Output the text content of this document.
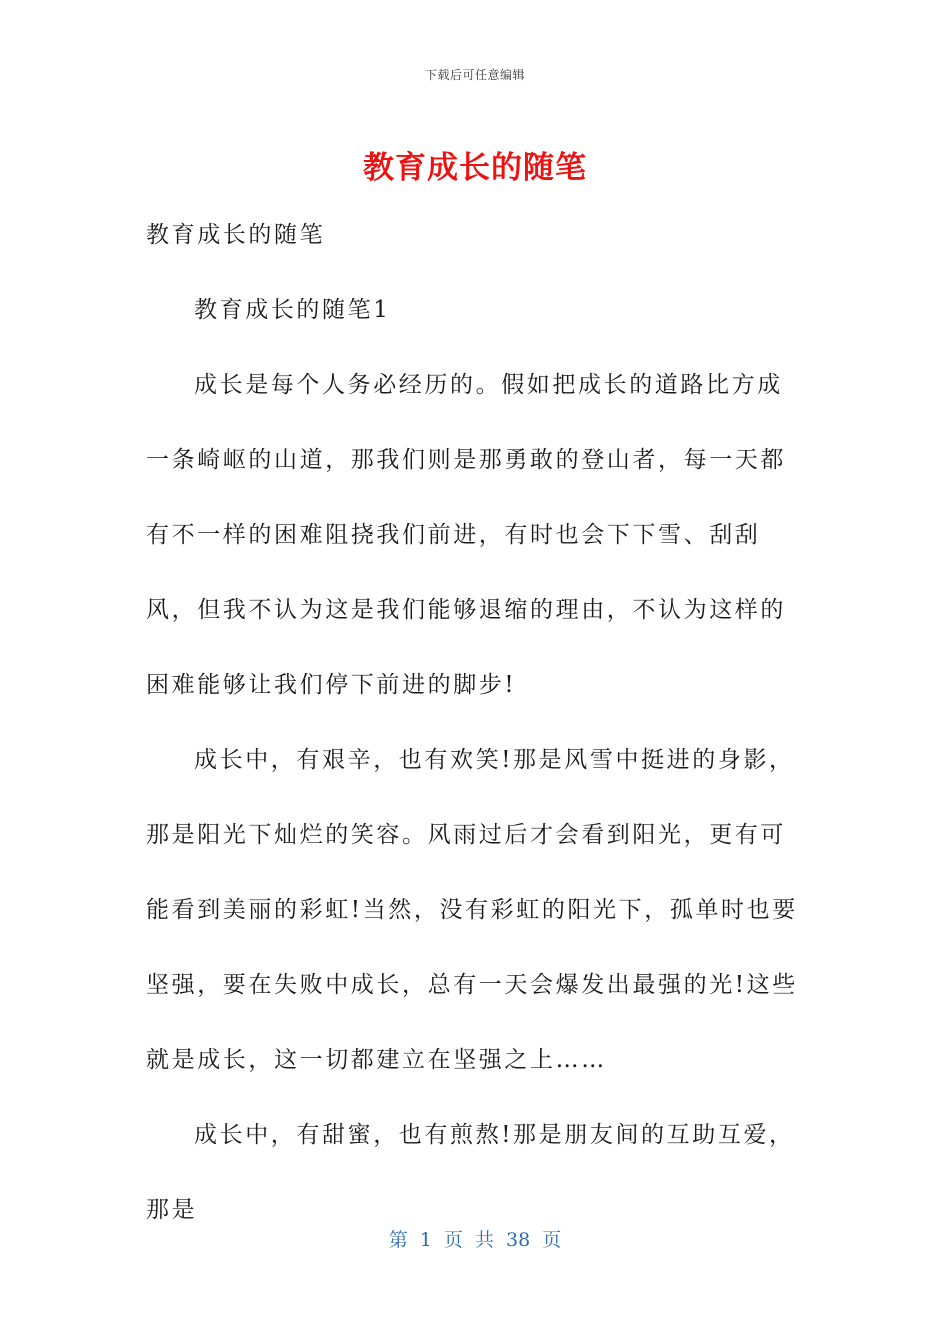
下载后可任意编辑
教育成长的随笔

教育成长的随笔

教育成长的随笔1

成长是每个人务必经历的。假如把成长的道路比方成一条崎岖的山道，那我们则是那勇敢的登山者，每一天都有不一样的困难阻挠我们前进，有时也会下下雪、刮刮风，但我不认为这是我们能够退缩的理由，不认为这样的困难能够让我们停下前进的脚步!

成长中，有艰辛，也有欢笑!那是风雪中挺进的身影，那是阳光下灿烂的笑容。风雨过后才会看到阳光，更有可能看到美丽的彩虹!当然，没有彩虹的阳光下，孤单时也要坚强，要在失败中成长，总有一天会爆发出最强的光!这些就是成长，这一切都建立在坚强之上……

成长中，有甜蜜，也有煎熬!那是朋友间的互助互爱，那是

第 1 页 共 38 页
